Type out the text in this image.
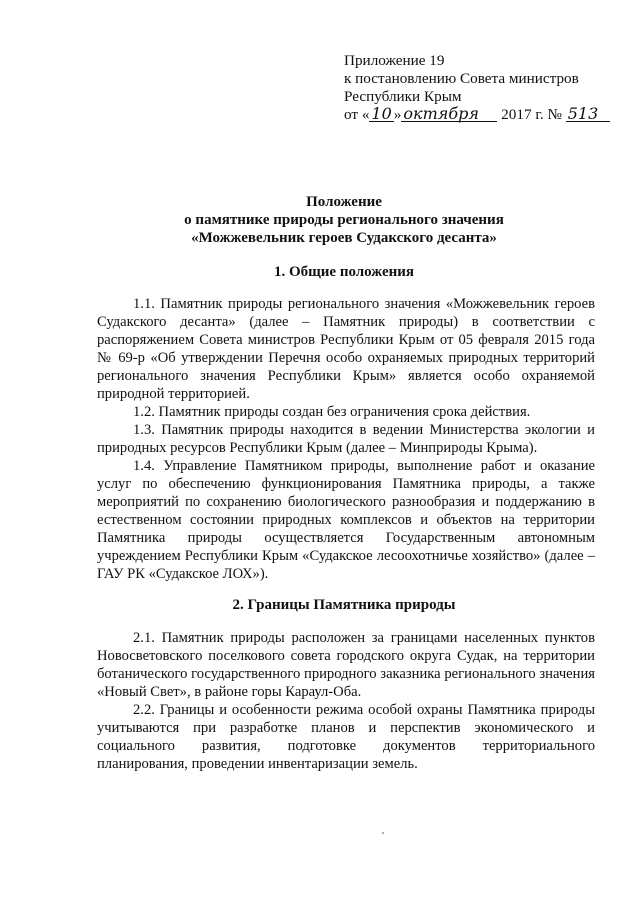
Приложение 19
к постановлению Совета министров
Республики Крым
от « 10 » октября 2017 г. № 513
Положение
о памятнике природы регионального значения
«Можжевельник героев Судакского десанта»
1. Общие положения

1.1. Памятник природы регионального значения «Можжевельник героев Судакского десанта» (далее – Памятник природы) в соответствии с распоряжением Совета министров Республики Крым от 05 февраля 2015 года № 69-р «Об утверждении Перечня особо охраняемых природных территорий регионального значения Республики Крым» является особо охраняемой природной территорией.

1.2. Памятник природы создан без ограничения срока действия.

1.3. Памятник природы находится в ведении Министерства экологии и природных ресурсов Республики Крым (далее – Минприроды Крыма).

1.4. Управление Памятником природы, выполнение работ и оказание услуг по обеспечению функционирования Памятника природы, а также мероприятий по сохранению биологического разнообразия и поддержанию в естественном состоянии природных комплексов и объектов на территории Памятника природы осуществляется Государственным автономным учреждением Республики Крым «Судакское лесоохотничье хозяйство» (далее – ГАУ РК «Судакское ЛОХ»).

2. Границы Памятника природы

2.1. Памятник природы расположен за границами населенных пунктов Новосветовского поселкового совета городского округа Судак, на территории ботанического государственного природного заказника регионального значения «Новый Свет», в районе горы Караул-Оба.

2.2. Границы и особенности режима особой охраны Памятника природы учитываются при разработке планов и перспектив экономического и социального развития, подготовке документов территориального планирования, проведении инвентаризации земель.
